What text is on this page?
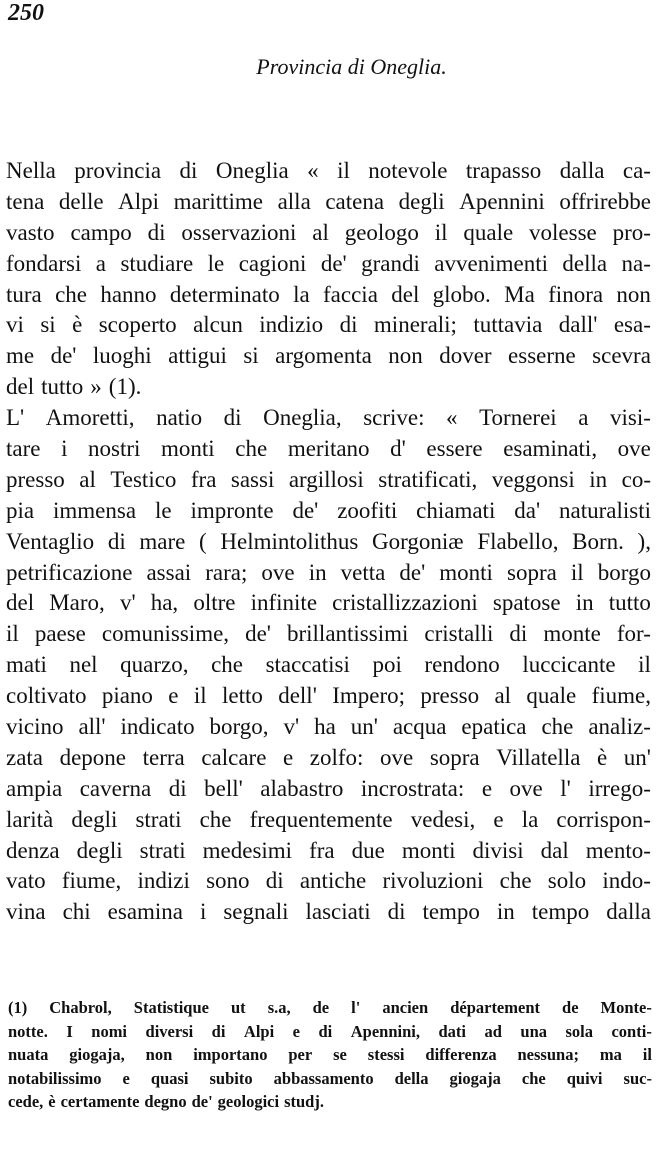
250
Provincia di Oneglia.
Nella provincia di Oneglia « il notevole trapasso dalla ca-
tena delle Alpi marittime alla catena degli Apennini offrirebbe
vasto campo di osservazioni al geologo il quale volesse pro-
fondarsi a studiare le cagioni de' grandi avvenimenti della na-
tura che hanno determinato la faccia del globo. Ma finora non
vi si è scoperto alcun indizio di minerali; tuttavia dall' esa-
me de' luoghi attigui si argomenta non dover esserne scevra
del tutto » (1).
L' Amoretti, natio di Oneglia, scrive: « Tornerei a visi-
tare i nostri monti che meritano d' essere esaminati, ove
presso al Testico fra sassi argillosi stratificati, veggonsi in co-
pia immensa le impronte de' zoofiti chiamati da' naturalisti
Ventaglio di mare ( Helmintolithus Gorgoniæ Flabello, Born. ),
petrificazione assai rara; ove in vetta de' monti sopra il borgo
del Maro, v' ha, oltre infinite cristallizzazioni spatose in tutto
il paese comunissime, de' brillantissimi cristalli di monte for-
mati nel quarzo, che staccatisi poi rendono luccicante il
coltivato piano e il letto dell' Impero; presso al quale fiume,
vicino all' indicato borgo, v' ha un' acqua epatica che analiz-
zata depone terra calcare e zolfo: ove sopra Villatella è un'
ampia caverna di bell' alabastro incrostrata: e ove l' irrego-
larità degli strati che frequentemente vedesi, e la corrispon-
denza degli strati medesimi fra due monti divisi dal mento-
vato fiume, indizi sono di antiche rivoluzioni che solo indo-
vina chi esamina i segnali lasciati di tempo in tempo dalla
(1) Chabrol, Statistique ut s.a, de l' ancien département de Monte-
notte. I nomi diversi di Alpi e di Apennini, dati ad una sola conti-
nuata giogaja, non importano per se stessi differenza nessuna; ma il
notabilissimo e quasi subito abbassamento della giogaja che quivi suc-
cede, è certamente degno de' geologici studj.
